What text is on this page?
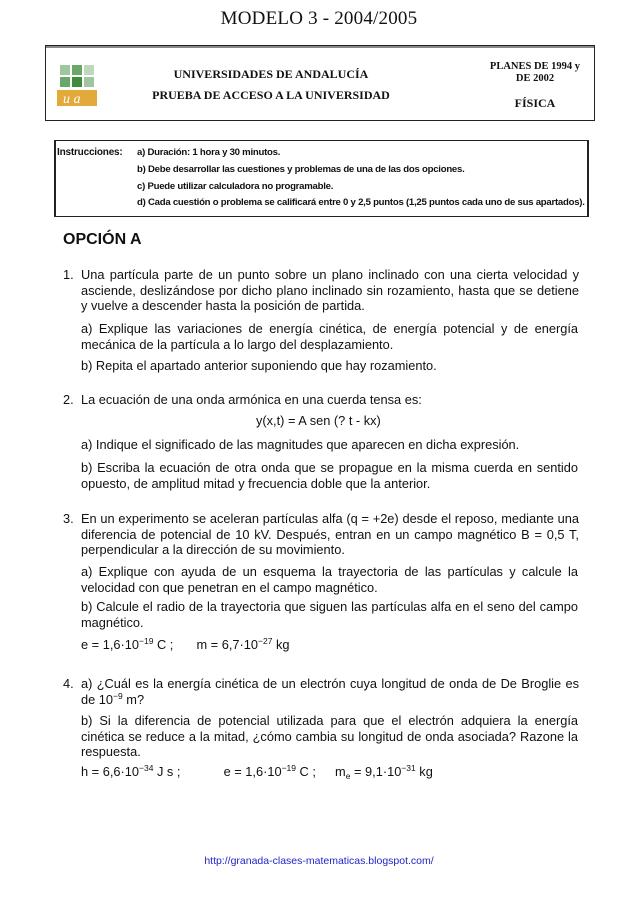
MODELO 3 - 2004/2005
u a
UNIVERSIDADES DE ANDALUCÍA
PRUEBA DE ACCESO A LA UNIVERSIDAD
PLANES DE 1994 y
DE 2002
FÍSICA
Instrucciones: a) Duración: 1 hora y 30 minutos.
b) Debe desarrollar las cuestiones y problemas de una de las dos opciones.
c) Puede utilizar calculadora no programable.
d) Cada cuestión o problema se calificará entre 0 y 2,5 puntos (1,25 puntos cada uno de sus apartados).
OPCIÓN A
1. Una partícula parte de un punto sobre un plano inclinado con una cierta velocidad y asciende, deslizándose por dicho plano inclinado sin rozamiento, hasta que se detiene y vuelve a descender hasta la posición de partida.
a) Explique las variaciones de energía cinética, de energía potencial y de energía mecánica de la partícula a lo largo del desplazamiento.
b) Repita el apartado anterior suponiendo que hay rozamiento.
2. La ecuación de una onda armónica en una cuerda tensa es:
y(x,t) = A sen (? t - kx)
a) Indique el significado de las magnitudes que aparecen en dicha expresión.
b) Escriba la ecuación de otra onda que se propague en la misma cuerda en sentido opuesto, de amplitud mitad y frecuencia doble que la anterior.
3. En un experimento se aceleran partículas alfa (q = +2e) desde el reposo, mediante una diferencia de potencial de 10 kV. Después, entran en un campo magnético B = 0,5 T, perpendicular a la dirección de su movimiento.
a) Explique con ayuda de un esquema la trayectoria de las partículas y calcule la velocidad con que penetran en el campo magnético.
b) Calcule el radio de la trayectoria que siguen las partículas alfa en el seno del campo magnético.
$e = 1,6\cdot 10^{-19}$ C ; $m = 6,7\cdot 10^{-27}$ kg
4. a) ¿Cuál es la energía cinética de un electrón cuya longitud de onda de De Broglie es de $10^{-9}$ m?
b) Si la diferencia de potencial utilizada para que el electrón adquiera la energía cinética se reduce a la mitad, ¿cómo cambia su longitud de onda asociada? Razone la respuesta.
$h = 6,6\cdot 10^{-34}$ J s ;	$e = 1,6\cdot 10^{-19}$ C ; $m_e = 9,1\cdot 10^{-31}$ kg
http://granada-clases-matematicas.blogspot.com/
